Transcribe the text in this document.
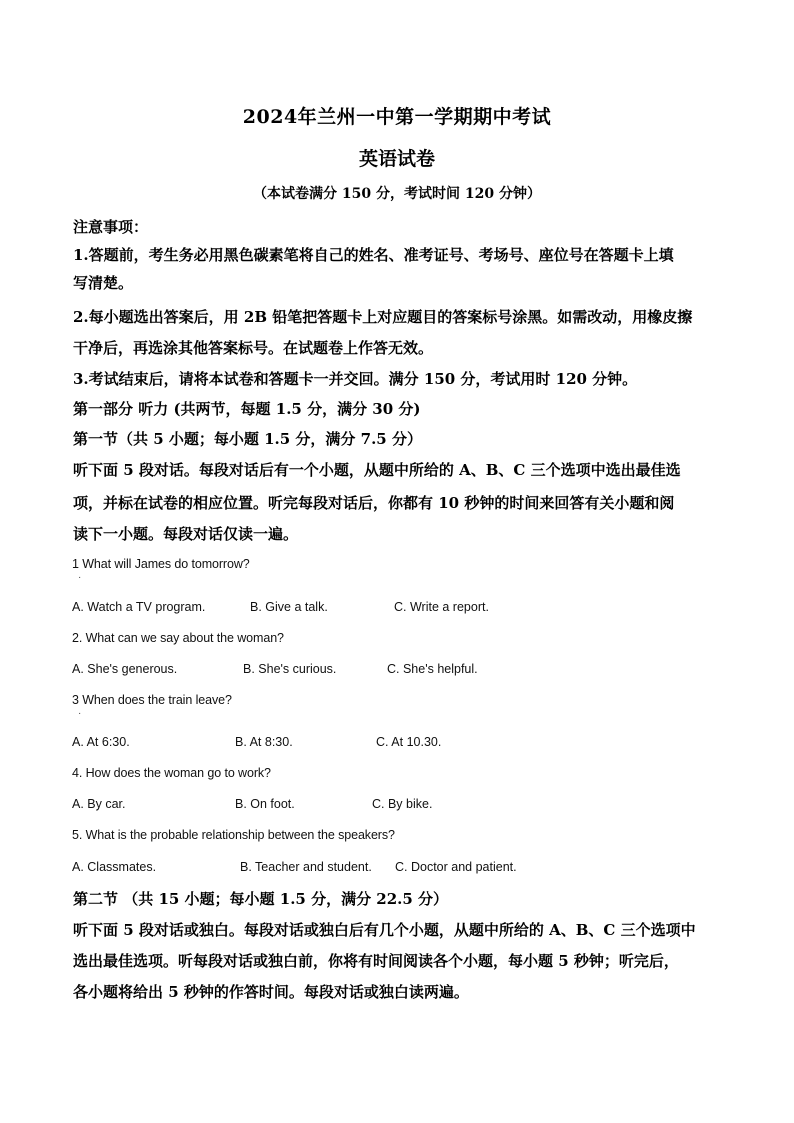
2024年兰州一中第一学期期中考试
英语试卷
（本试卷满分 150 分，考试时间 120 分钟）
注意事项：
1.答题前，考生务必用黑色碳素笔将自己的姓名、准考证号、考场号、座位号在答题卡上填
写清楚。
2.每小题选出答案后，用 2B 铅笔把答题卡上对应题目的答案标号涂黑。如需改动，用橡皮擦
干净后，再选涂其他答案标号。在试题卷上作答无效。
3.考试结束后，请将本试卷和答题卡一并交回。满分 150 分，考试用时 120 分钟。
第一部分 听力 (共两节，每题 1.5 分，满分 30 分)
第一节（共 5 小题；每小题 1.5 分，满分 7.5 分）
听下面 5 段对话。每段对话后有一个小题，从题中所给的 A、B、C 三个选项中选出最佳选
项，并标在试卷的相应位置。听完每段对话后，你都有 10 秒钟的时间来回答有关小题和阅
读下一小题。每段对话仅读一遍。
1 What will James do tomorrow?
·
A. Watch a TV program.	B. Give a talk.	C. Write a report.
2. What can we say about the woman?
A. She's generous.	B. She's curious.	C. She's helpful.
3 When does the train leave?
·
A. At 6:30.	B. At 8:30.	C. At 10.30.
4. How does the woman go to work?
A. By car.	B. On foot.	C. By bike.
5. What is the probable relationship between the speakers?
A. Classmates.	B. Teacher and student. C. Doctor and patient.
第二节 （共 15 小题；每小题 1.5 分，满分 22.5 分）
听下面 5 段对话或独白。每段对话或独白后有几个小题，从题中所给的 A、B、C 三个选项中
选出最佳选项。听每段对话或独白前，你将有时间阅读各个小题，每小题 5 秒钟；听完后，
各小题将给出 5 秒钟的作答时间。每段对话或独白读两遍。
